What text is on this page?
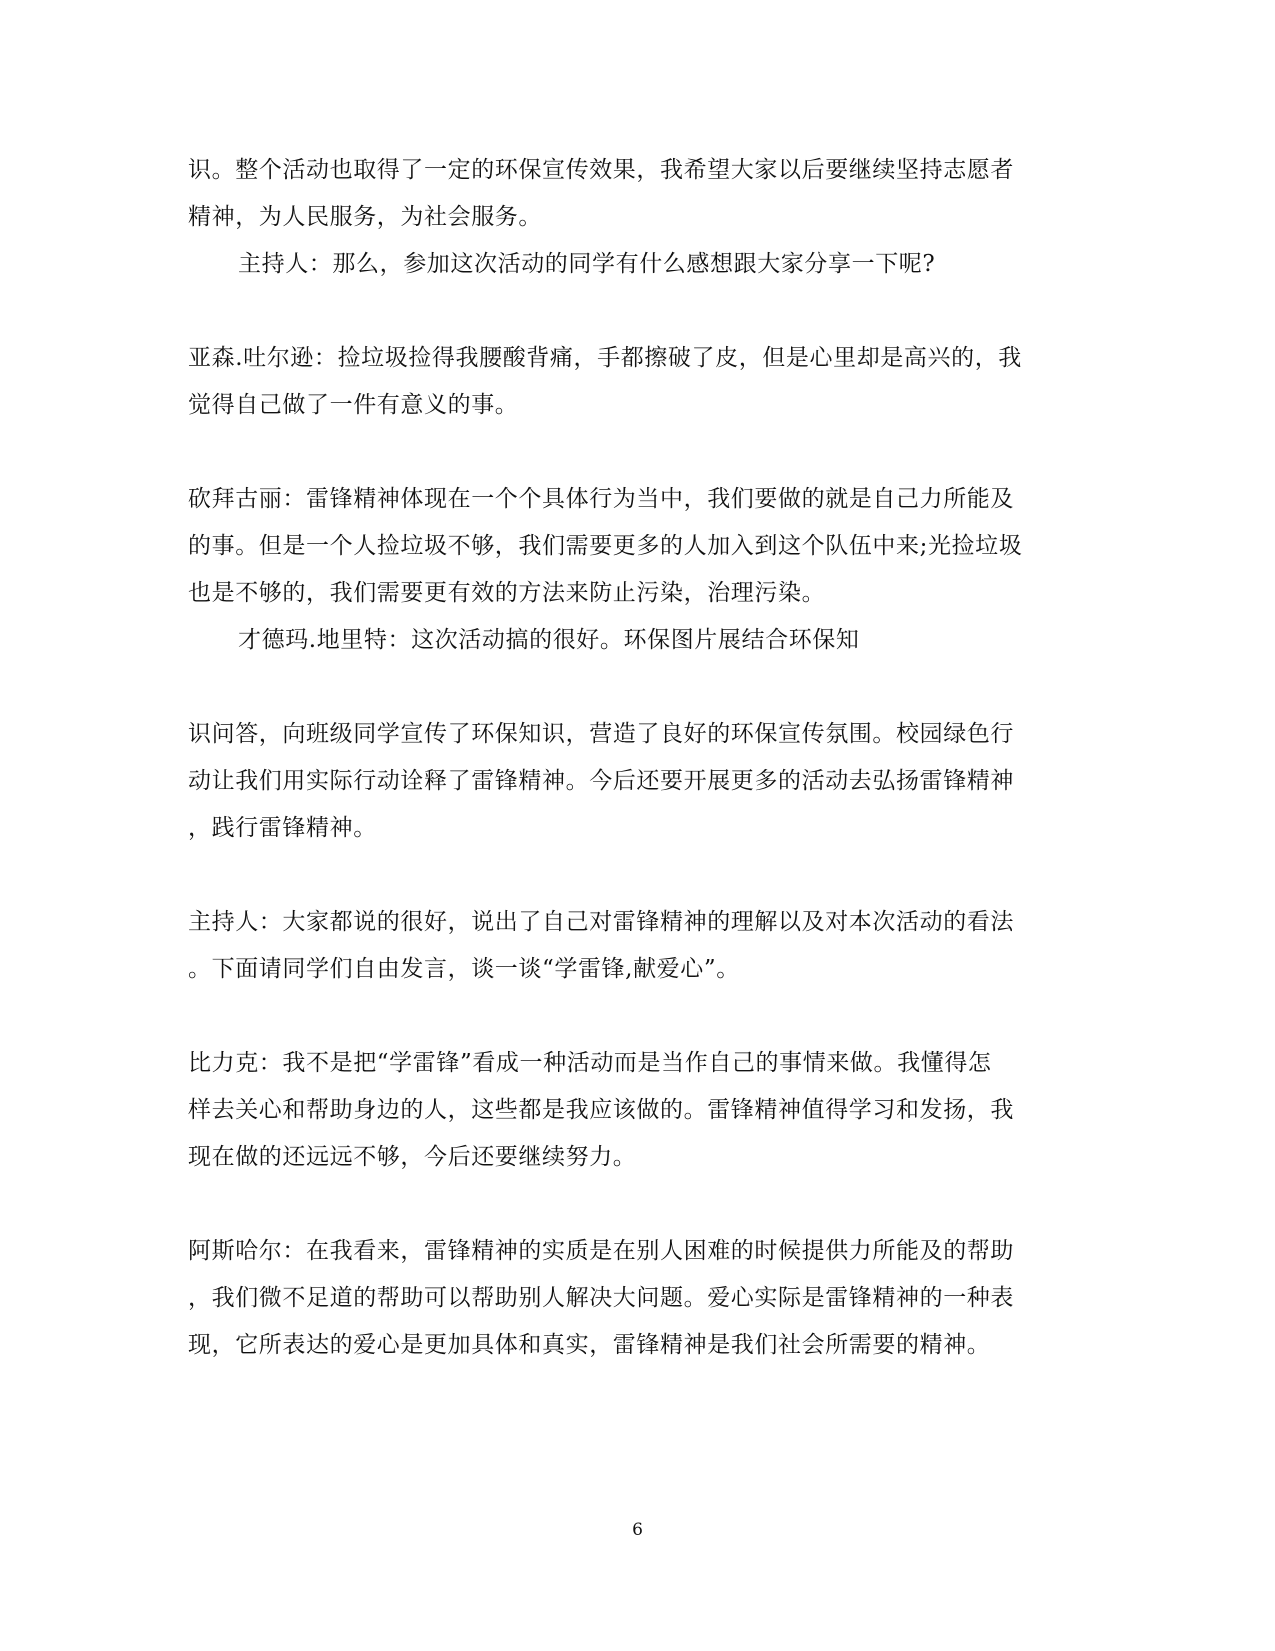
识。整个活动也取得了一定的环保宣传效果，我希望大家以后要继续坚持志愿者
精神，为人民服务，为社会服务。
主持人：那么，参加这次活动的同学有什么感想跟大家分享一下呢?
亚森.吐尔逊：捡垃圾捡得我腰酸背痛，手都擦破了皮，但是心里却是高兴的，我
觉得自己做了一件有意义的事。
砍拜古丽：雷锋精神体现在一个个具体行为当中，我们要做的就是自己力所能及
的事。但是一个人捡垃圾不够，我们需要更多的人加入到这个队伍中来;光捡垃圾
也是不够的，我们需要更有效的方法来防止污染，治理污染。
才德玛.地里特：这次活动搞的很好。环保图片展结合环保知
识问答，向班级同学宣传了环保知识，营造了良好的环保宣传氛围。校园绿色行
动让我们用实际行动诠释了雷锋精神。今后还要开展更多的活动去弘扬雷锋精神
，践行雷锋精神。
主持人：大家都说的很好，说出了自己对雷锋精神的理解以及对本次活动的看法
。下面请同学们自由发言，谈一谈“学雷锋,献爱心”。
比力克：我不是把“学雷锋”看成一种活动而是当作自己的事情来做。我懂得怎
样去关心和帮助身边的人，这些都是我应该做的。雷锋精神值得学习和发扬，我
现在做的还远远不够，今后还要继续努力。
阿斯哈尔：在我看来，雷锋精神的实质是在别人困难的时候提供力所能及的帮助
，我们微不足道的帮助可以帮助别人解决大问题。爱心实际是雷锋精神的一种表
现，它所表达的爱心是更加具体和真实，雷锋精神是我们社会所需要的精神。
6
